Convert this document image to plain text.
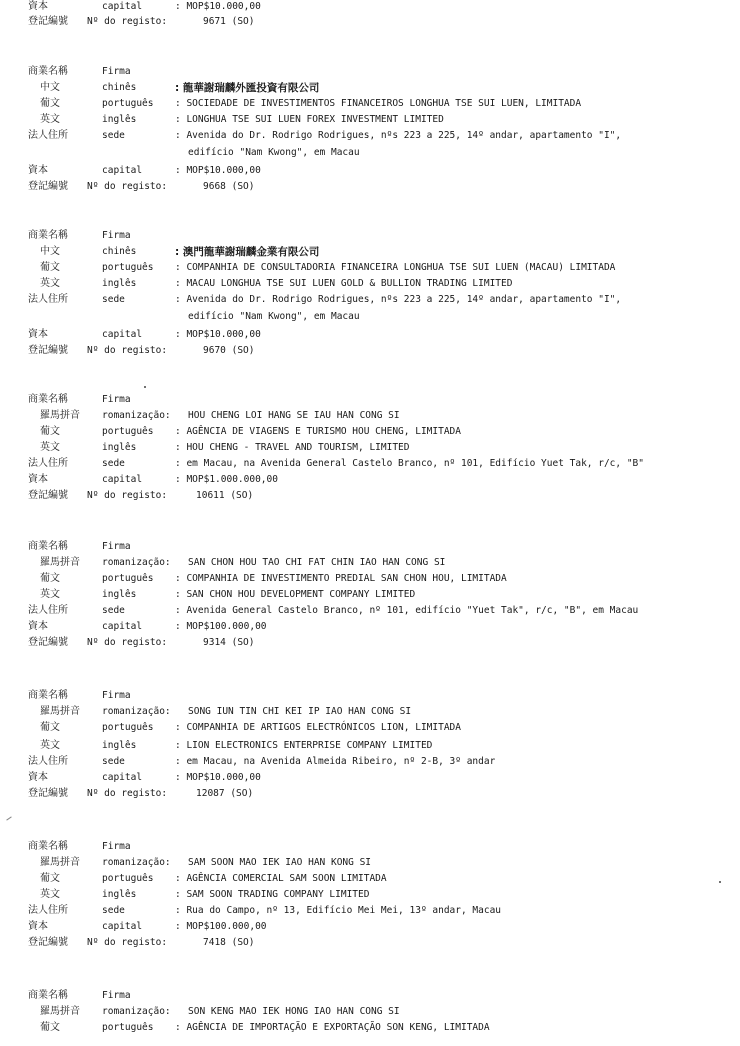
資本	capital	: MOP$10.000,00
登記編號 Nº do registo:	9671 (SO)
商業名稱	Firma
中文	chinês	: 龍華謝瑞麟外匯投資有限公司
葡文	português : SOCIEDADE DE INVESTIMENTOS FINANCEIROS LONGHUA TSE SUI LUEN, LIMITADA
英文	inglês	: LONGHUA TSE SUI LUEN FOREX INVESTMENT LIMITED
法人住所	sede	: Avenida do Dr. Rodrigo Rodrigues, nºs 223 a 225, 14º andar, apartamento "I",
edifício "Nam Kwong", em Macau
資本	capital	: MOP$10.000,00
登記編號 Nº do registo:	9668 (SO)
商業名稱	Firma
中文	chinês	: 澳門龍華謝瑞麟金業有限公司
葡文	português : COMPANHIA DE CONSULTADORIA FINANCEIRA LONGHUA TSE SUI LUEN (MACAU) LIMITADA
英文	inglês	: MACAU LONGHUA TSE SUI LUEN GOLD & BULLION TRADING LIMITED
法人住所	sede	: Avenida do Dr. Rodrigo Rodrigues, nºs 223 a 225, 14º andar, apartamento "I",
edifício "Nam Kwong", em Macau
資本	capital	: MOP$10.000,00
登記編號 Nº do registo:	9670 (SO)
商業名稱	Firma
羅馬拼音 romanização: HOU CHENG LOI HANG SE IAU HAN CONG SI
葡文	português : AGÊNCIA DE VIAGENS E TURISMO HOU CHENG, LIMITADA
英文	inglês	: HOU CHENG - TRAVEL AND TOURISM, LIMITED
法人住所	sede	: em Macau, na Avenida General Castelo Branco, nº 101, Edifício Yuet Tak, r/c, "B"
資本	capital	: MOP$1.000.000,00
登記編號 Nº do registo:	10611 (SO)
商業名稱	Firma
羅馬拼音 romanização: SAN CHON HOU TAO CHI FAT CHIN IAO HAN CONG SI
葡文	português : COMPANHIA DE INVESTIMENTO PREDIAL SAN CHON HOU, LIMITADA
英文	inglês	: SAN CHON HOU DEVELOPMENT COMPANY LIMITED
法人住所	sede	: Avenida General Castelo Branco, nº 101, edifício "Yuet Tak", r/c, "B", em Macau
資本	capital	: MOP$100.000,00
登記編號 Nº do registo:	9314 (SO)
商業名稱	Firma
羅馬拼音 romanização: SONG IUN TIN CHI KEI IP IAO HAN CONG SI
葡文	português : COMPANHIA DE ARTIGOS ELECTRÓNICOS LION, LIMITADA
英文	inglês	: LION ELECTRONICS ENTERPRISE COMPANY LIMITED
法人住所	sede	: em Macau, na Avenida Almeida Ribeiro, nº 2-B, 3º andar
資本	capital	: MOP$10.000,00
登記編號 Nº do registo:	12087 (SO)
商業名稱	Firma
羅馬拼音 romanização: SAM SOON MAO IEK IAO HAN KONG SI
葡文	português : AGÊNCIA COMERCIAL SAM SOON LIMITADA
英文	inglês	: SAM SOON TRADING COMPANY LIMITED
法人住所	sede	: Rua do Campo, nº 13, Edifício Mei Mei, 13º andar, Macau
資本	capital	: MOP$100.000,00
登記編號 Nº do registo:	7418 (SO)
商業名稱	Firma
羅馬拼音 romanização: SON KENG MAO IEK HONG IAO HAN CONG SI
葡文	português : AGÊNCIA DE IMPORTAÇÃO E EXPORTAÇÃO SON KENG, LIMITADA
